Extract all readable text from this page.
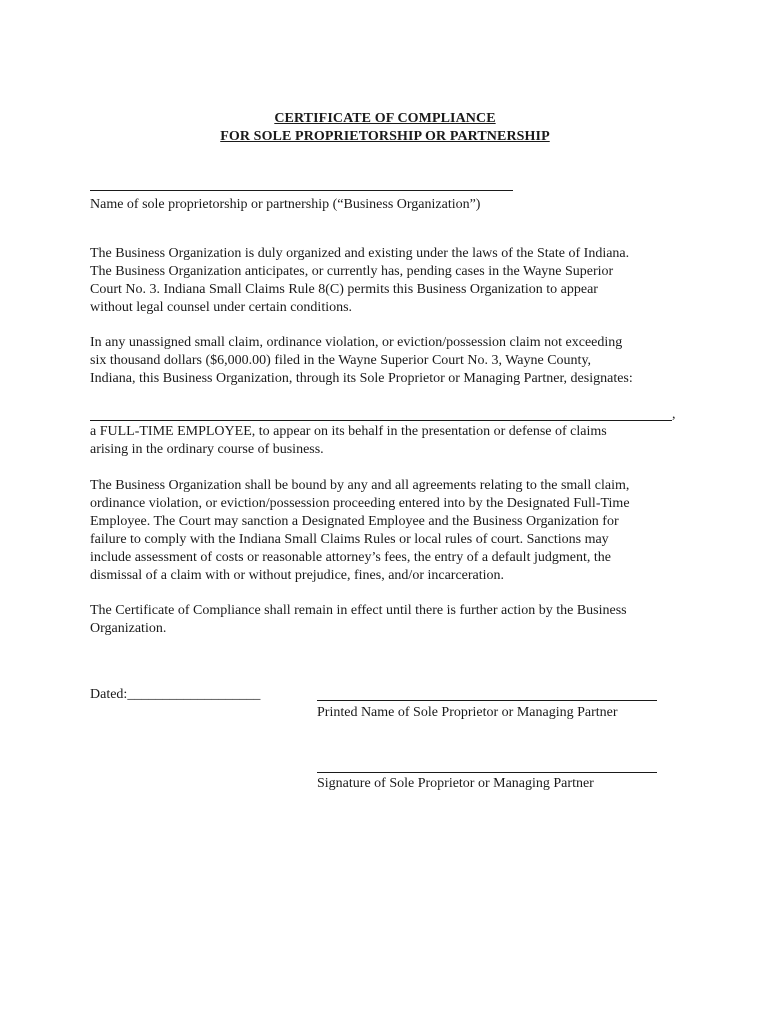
CERTIFICATE OF COMPLIANCE
FOR SOLE PROPRIETORSHIP OR PARTNERSHIP
Name of sole proprietorship or partnership (“Business Organization”)
The Business Organization is duly organized and existing under the laws of the State of Indiana.
The Business Organization anticipates, or currently has, pending cases in the Wayne Superior
Court No. 3. Indiana Small Claims Rule 8(C) permits this Business Organization to appear
without legal counsel under certain conditions.
In any unassigned small claim, ordinance violation, or eviction/possession claim not exceeding
six thousand dollars ($6,000.00) filed in the Wayne Superior Court No. 3, Wayne County,
Indiana, this Business Organization, through its Sole Proprietor or Managing Partner, designates:
,
a FULL-TIME EMPLOYEE, to appear on its behalf in the presentation or defense of claims
arising in the ordinary course of business.
The Business Organization shall be bound by any and all agreements relating to the small claim,
ordinance violation, or eviction/possession proceeding entered into by the Designated Full-Time
Employee. The Court may sanction a Designated Employee and the Business Organization for
failure to comply with the Indiana Small Claims Rules or local rules of court. Sanctions may
include assessment of costs or reasonable attorney’s fees, the entry of a default judgment, the
dismissal of a claim with or without prejudice, fines, and/or incarceration.
The Certificate of Compliance shall remain in effect until there is further action by the Business
Organization.
Dated:___________________
Printed Name of Sole Proprietor or Managing Partner
Signature of Sole Proprietor or Managing Partner
